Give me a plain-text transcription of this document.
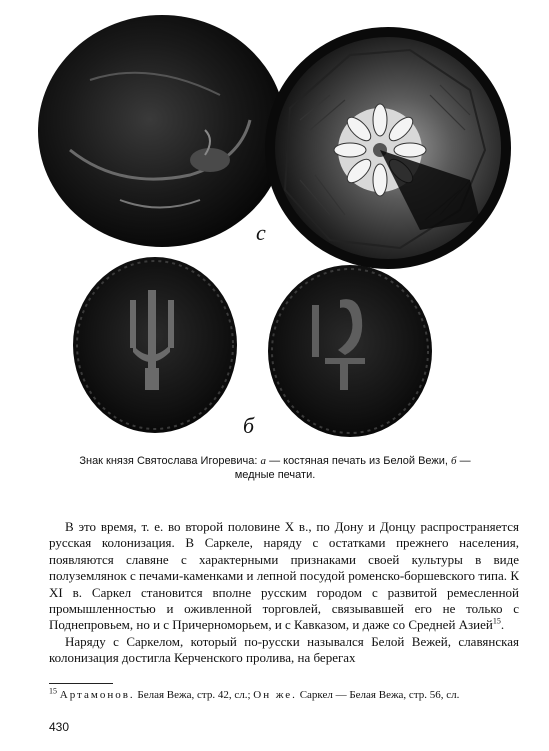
c
б
Знак князя Святослава Игоревича: а — костяная печать из Белой Вежи, б —
медные печати.

В это время, т. е. во второй половине X в., по Дону и Донцу распространяется русская колонизация. В Саркеле, наряду с остатками прежнего населения, появляются славяне с характерными признаками своей культуры в виде полуземлянок с печами-каменками и лепной посудой роменско-боршевского типа. К XI в. Саркел становится вполне русским городом с развитой ремесленной промышленностью и оживленной торговлей, связывавшей его не только с Поднепровьем, но и с Причерноморьем, и с Кавказом, и даже со Средней Азией$^{15}$.

Наряду с Саркелом, который по-русски назывался Белой Вежей, славянская колонизация достигла Керченского пролива, на берегах

$^{15}$ Артамонов. Белая Вежа, стр. 42, сл.; Он же. Саркел — Белая Вежа, стр. 56, сл.
430
